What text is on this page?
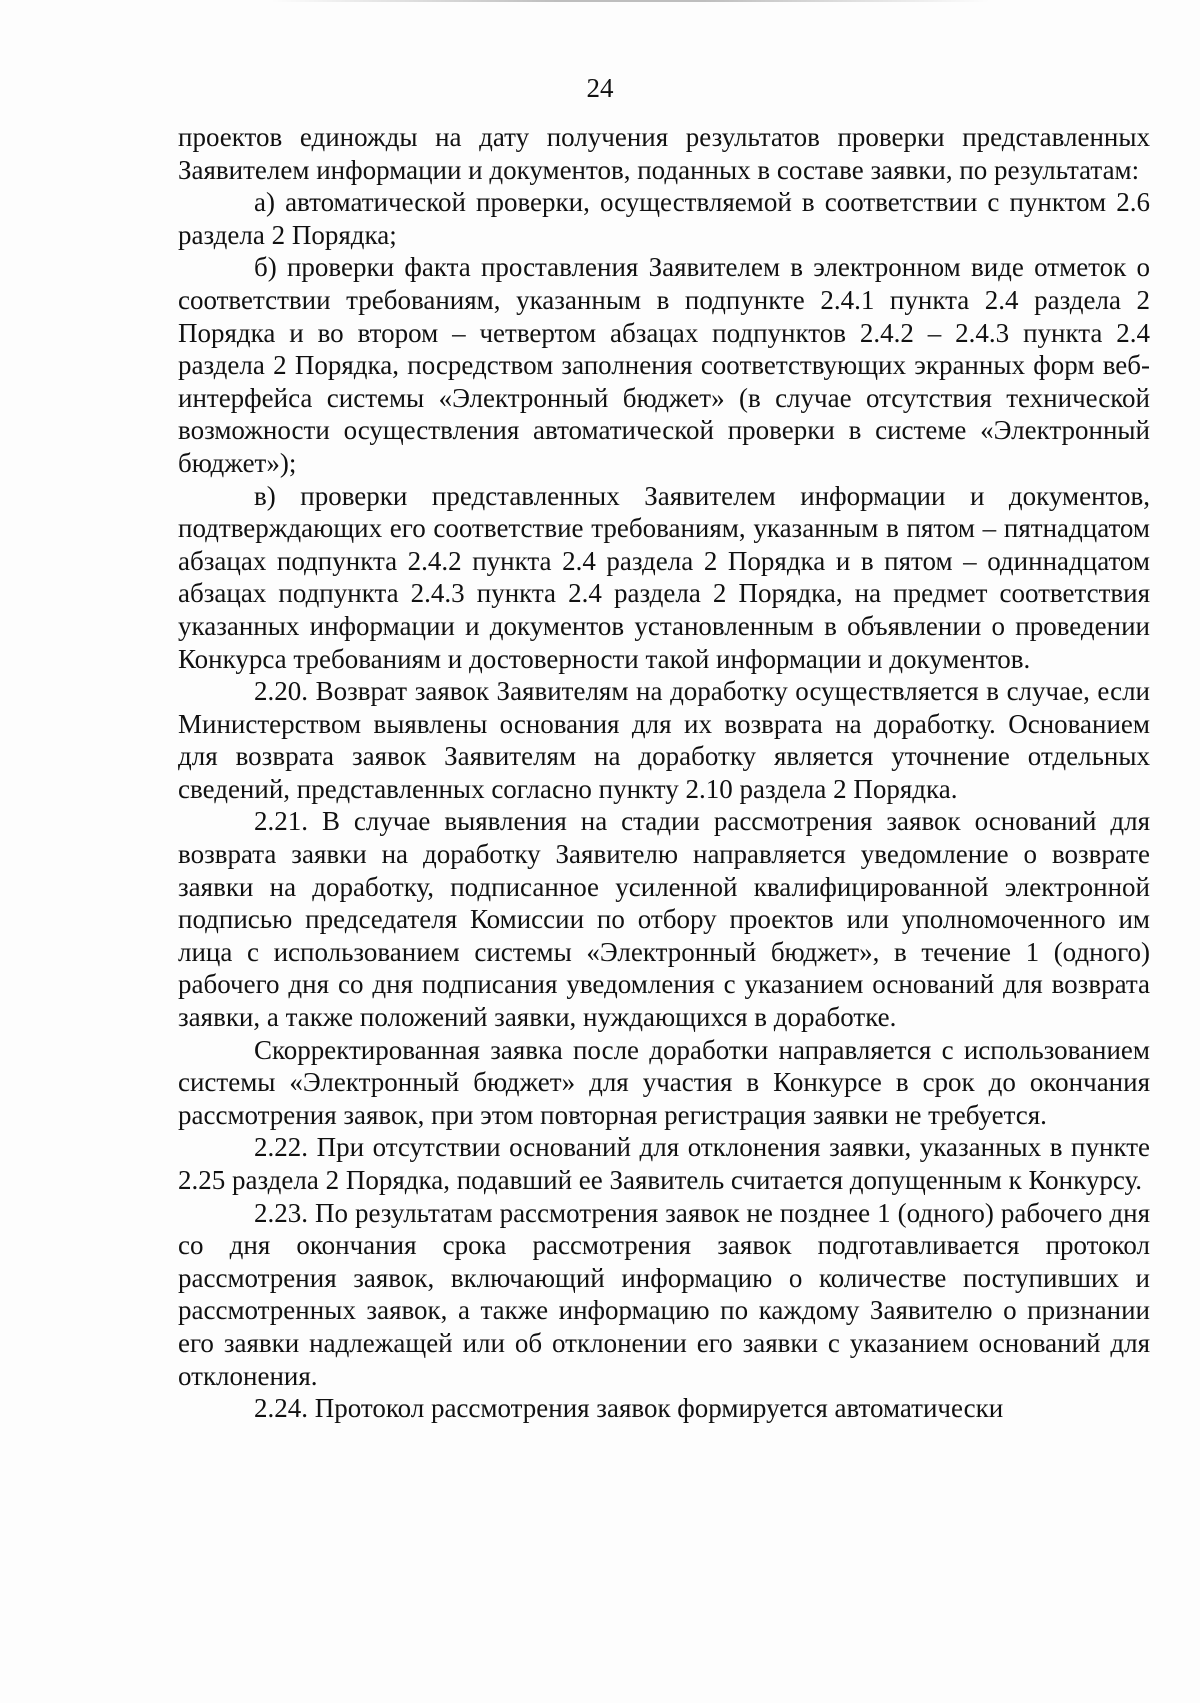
24

проектов единожды на дату получения результатов проверки представленных Заявителем информации и документов, поданных в составе заявки, по результатам:

а) автоматической проверки, осуществляемой в соответствии с пунктом 2.6 раздела 2 Порядка;

б) проверки факта проставления Заявителем в электронном виде отметок о соответствии требованиям, указанным в подпункте 2.4.1 пункта 2.4 раздела 2 Порядка и во втором – четвертом абзацах подпунктов 2.4.2 – 2.4.3 пункта 2.4 раздела 2 Порядка, посредством заполнения соответствующих экранных форм веб-интерфейса системы «Электронный бюджет» (в случае отсутствия технической возможности осуществления автоматической проверки в системе «Электронный бюджет»);

в) проверки представленных Заявителем информации и документов, подтверждающих его соответствие требованиям, указанным в пятом – пятнадцатом абзацах подпункта 2.4.2 пункта 2.4 раздела 2 Порядка и в пятом – одиннадцатом абзацах подпункта 2.4.3 пункта 2.4 раздела 2 Порядка, на предмет соответствия указанных информации и документов установленным в объявлении о проведении Конкурса требованиям и достоверности такой информации и документов.

2.20. Возврат заявок Заявителям на доработку осуществляется в случае, если Министерством выявлены основания для их возврата на доработку. Основанием для возврата заявок Заявителям на доработку является уточнение отдельных сведений, представленных согласно пункту 2.10 раздела 2 Порядка.

2.21. В случае выявления на стадии рассмотрения заявок оснований для возврата заявки на доработку Заявителю направляется уведомление о возврате заявки на доработку, подписанное усиленной квалифицированной электронной подписью председателя Комиссии по отбору проектов или уполномоченного им лица с использованием системы «Электронный бюджет», в течение 1 (одного) рабочего дня со дня подписания уведомления с указанием оснований для возврата заявки, а также положений заявки, нуждающихся в доработке.

Скорректированная заявка после доработки направляется с использованием системы «Электронный бюджет» для участия в Конкурсе в срок до окончания рассмотрения заявок, при этом повторная регистрация заявки не требуется.

2.22. При отсутствии оснований для отклонения заявки, указанных в пункте 2.25 раздела 2 Порядка, подавший ее Заявитель считается допущенным к Конкурсу.

2.23. По результатам рассмотрения заявок не позднее 1 (одного) рабочего дня со дня окончания срока рассмотрения заявок подготавливается протокол рассмотрения заявок, включающий информацию о количестве поступивших и рассмотренных заявок, а также информацию по каждому Заявителю о признании его заявки надлежащей или об отклонении его заявки с указанием оснований для отклонения.

2.24. Протокол рассмотрения заявок формируется автоматически
